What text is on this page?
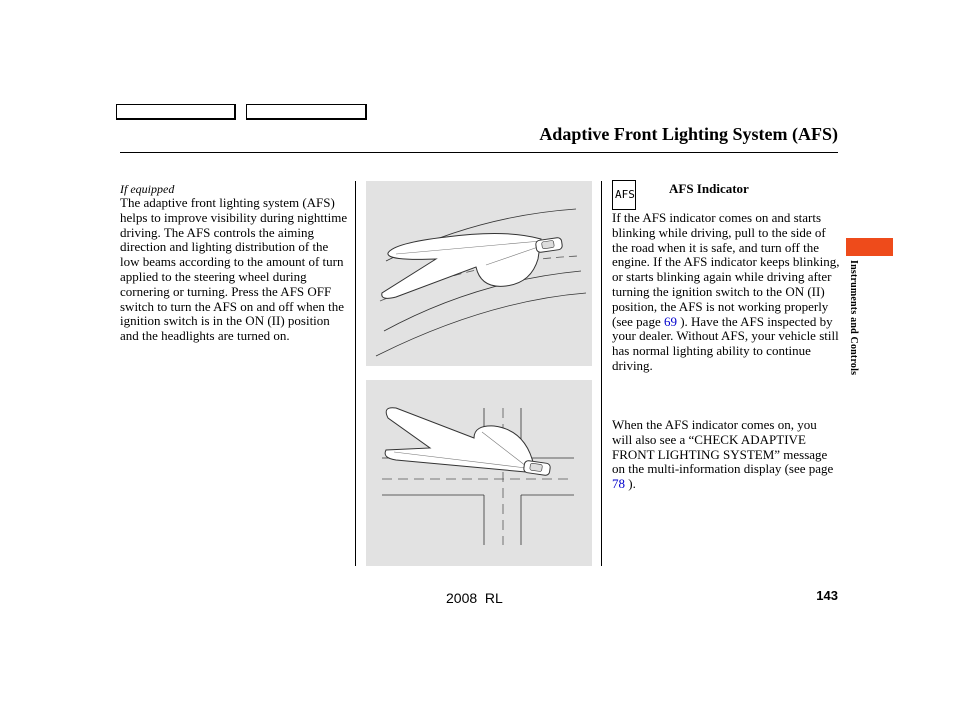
Adaptive Front Lighting System (AFS)
If equipped
The adaptive front lighting system (AFS) helps to improve visibility during nighttime driving. The AFS controls the aiming direction and lighting distribution of the low beams according to the amount of turn applied to the steering wheel during cornering or turning. Press the AFS OFF switch to turn the AFS on and off when the ignition switch is in the ON (II) position and the headlights are turned on.
AFS	AFS Indicator

If the AFS indicator comes on and starts blinking while driving, pull to the side of the road when it is safe, and turn off the engine. If the AFS indicator keeps blinking, or starts blinking again while driving after turning the ignition switch to the ON (II) position, the AFS is not working properly (see page 69 ). Have the AFS inspected by your dealer. Without AFS, your vehicle still has normal lighting ability to continue driving.

When the AFS indicator comes on, you will also see a “CHECK ADAPTIVE FRONT LIGHTING SYSTEM” message on the multi-information display (see page 78 ).

Instruments and Controls
2008  RL	143
